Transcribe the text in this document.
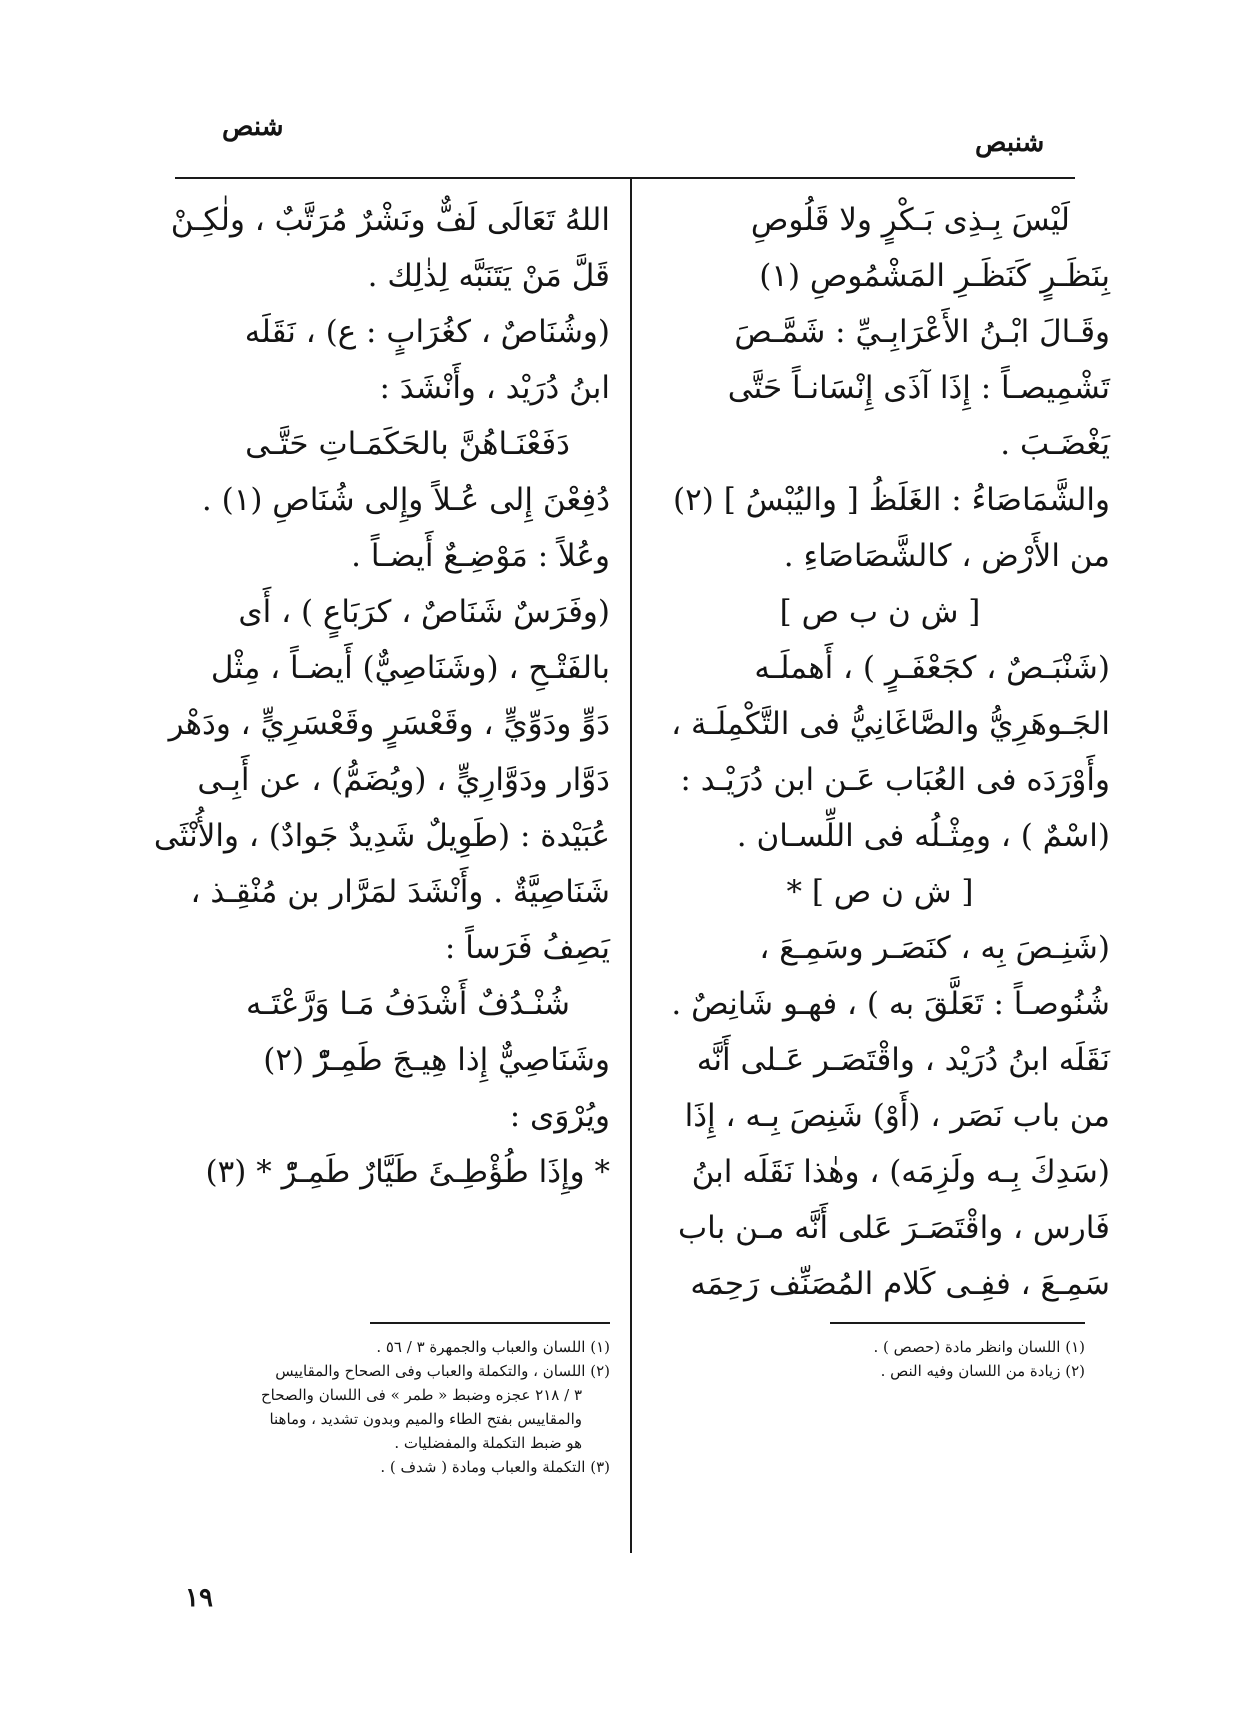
شنص
شنبص
لَيْسَ بِـذِى بَـكْرٍ ولا قَلُوصِ
بِنَظَـرٍ كَنَظَـرِ المَشْمُوصِ (١)
وقَـالَ ابْـنُ الأَعْرَابِـيِّ : شَمَّـصَ
تَشْمِيصـاً : إِذَا آذَى إِنْسَانـاً حَتَّى
يَغْضَـبَ .
والشَّمَاصَاءُ : الغَلَظُ [ واليُبْسُ ] (٢)
من الأَرْض ، كالشَّصَاصَاءِ .
[ ش ن ب ص ]
(شَنْبَـصٌ ، كجَعْفَـرٍ ) ، أَهملَـه
الجَـوهَرِيُّ والصَّاغَانِيُّ فى التَّكْمِلَـة ،
وأَوْرَدَه فى العُبَاب عَـن ابن دُرَيْـد :
(اسْمٌ ) ، ومِثْـلُه فى اللِّسـان .
[ ش ن ص ] *
(شَنِـصَ بِه ، كنَصَـر وسَمِـعَ ،
شُنُوصـاً : تَعَلَّقَ به ) ، فهـو شَانِصٌ .
نَقَلَه ابنُ دُرَيْد ، واقْتَصَـر عَـلى أَنَّه
من باب نَصَر ، (أَوْ) شَنِصَ بِـه ، إِذَا
(سَدِكَ بِـه ولَزِمَه) ، وهٰذا نَقَلَه ابنُ
فَارس ، واقْتَصَـرَ عَلى أَنَّه مـن باب
سَمِـعَ ، ففِـى كَلام المُصَنِّف رَحِمَه
(١) اللسان وانظر مادة (حصص ) .
(٢) زيادة من اللسان وفيه النص .
اللهُ تَعَالَى لَفٌّ ونَشْرٌ مُرَتَّبٌ ، ولٰكِـنْ
قَلَّ مَنْ يَتَنَبَّه لِذٰلِك .
(وشُنَاصٌ ، كغُرَابٍ : ع) ، نَقَلَه
ابنُ دُرَيْد ، وأَنْشَدَ :
دَفَعْنَـاهُنَّ بالحَكَمَـاتِ حَتَّـى
دُفِعْنَ إِلى عُـلاً وإِلى شُنَاصِ (١) .
وعُلاً : مَوْضِـعٌ أَيضـاً .
(وفَرَسٌ شَنَاصٌ ، كرَبَاعٍ ) ، أَى
بالفَتْـحِ ، (وشَنَاصِيٌّ) أَيضـاً ، مِثْل
دَوٍّ ودَوِّيٍّ ، وقَعْسَرٍ وقَعْسَرِيٍّ ، ودَهْر
دَوَّار ودَوَّارِيٍّ ، (ويُضَمُّ) ، عن أَبِـى
عُبَيْدة : (طَوِيلٌ شَدِيدٌ جَوادٌ) ، والأُنْثَى
شَنَاصِيَّةٌ . وأَنْشَدَ لمَرَّار بن مُنْقِـذ ،
يَصِفُ فَرَساً :
شُنْـدُفٌ أَشْدَفُ مَـا وَرَّعْتَـه
وشَنَاصِيٌّ إِذا هِيـجَ طَمِـرّْ (٢)
ويُرْوَى :
* وإِذَا طُؤْطِـئَ طَيَّارٌ طَمِـرّْ * (٣)
(١) اللسان والعباب والجمهرة ٣ / ٥٦ .
(٢) اللسان ، والتكملة والعباب وفى الصحاح والمقاييس
٣ / ٢١٨ عجزه وضبط « طمر » فى اللسان والصحاح
والمقاييس بفتح الطاء والميم وبدون تشديد ، وماهنا
هو ضبط التكملة والمفضليات .
(٣) التكملة والعباب ومادة ( شدف ) .
١٩
